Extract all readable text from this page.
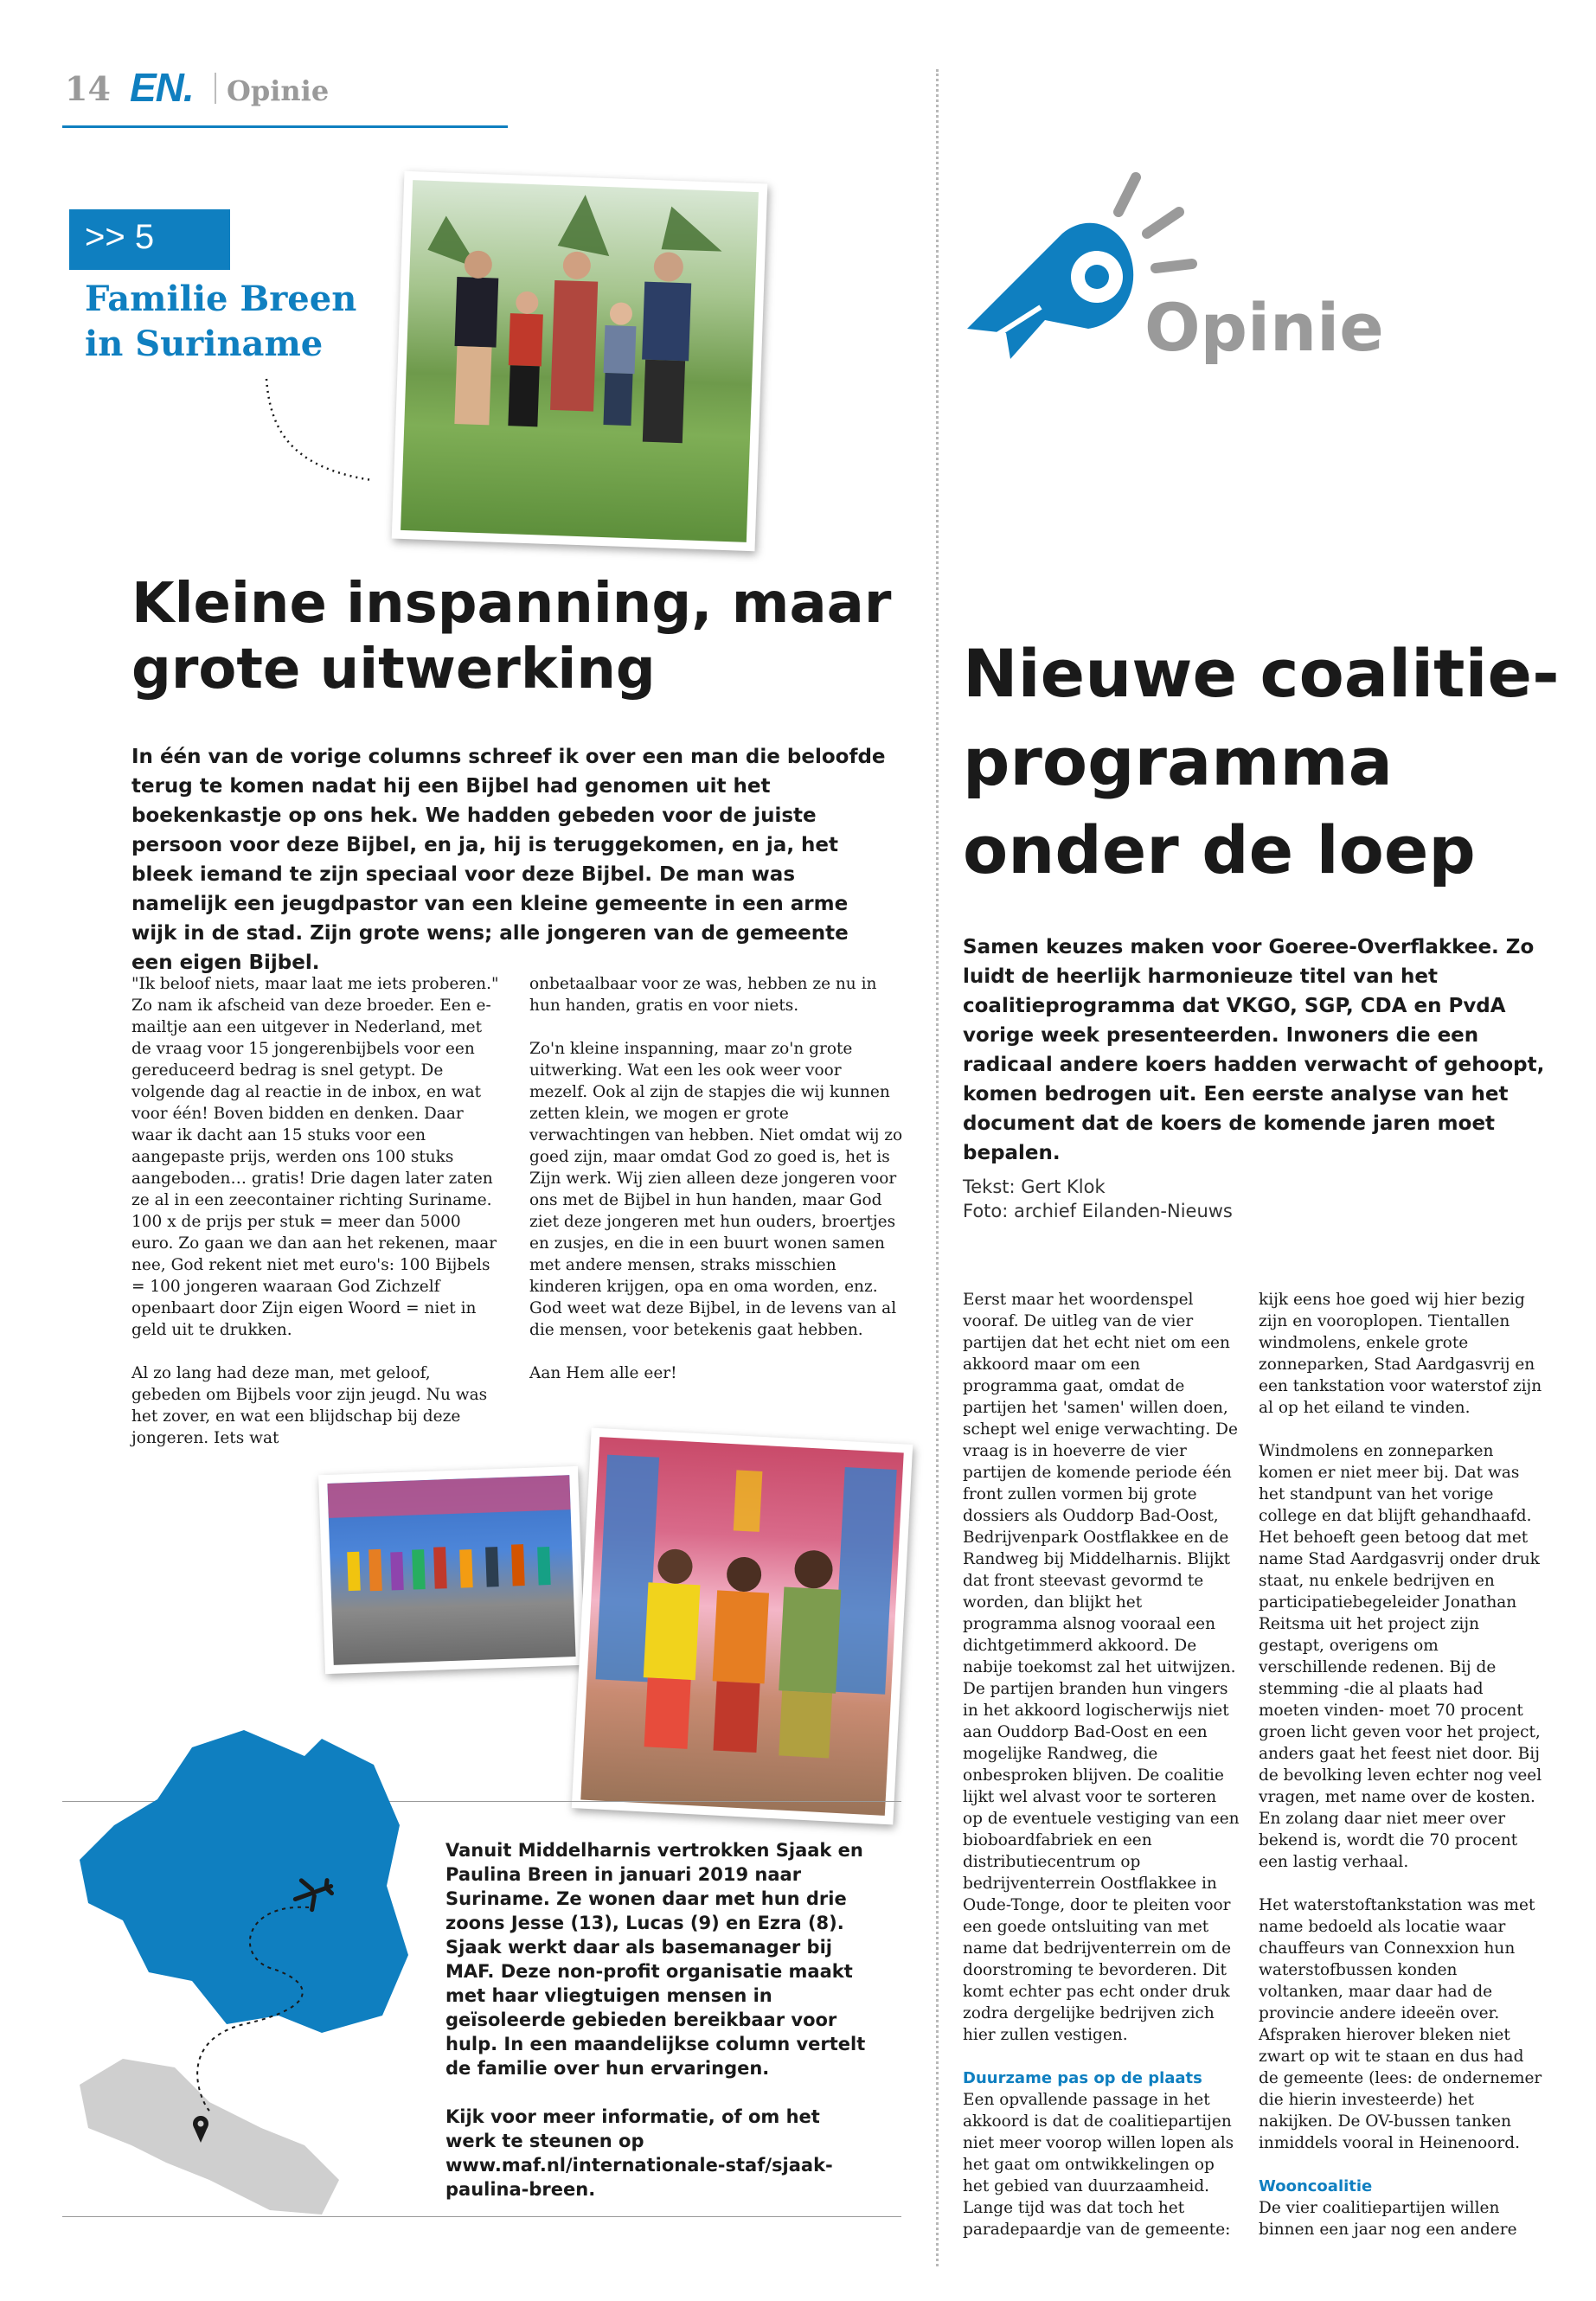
14 EN. Opinie
>> 5
Familie Breen in Suriname
Kleine inspanning, maar grote uitwerking
In één van de vorige columns schreef ik over een man die beloofde terug te komen nadat hij een Bijbel had genomen uit het boekenkastje op ons hek. We hadden gebeden voor de juiste persoon voor deze Bijbel, en ja, hij is teruggekomen, en ja, het bleek iemand te zijn speciaal voor deze Bijbel. De man was namelijk een jeugdpastor van een kleine gemeente in een arme wijk in de stad. Zijn grote wens; alle jongeren van de gemeente een eigen Bijbel.

"Ik beloof niets, maar laat me iets proberen." Zo nam ik afscheid van deze broeder. Een e-mailtje aan een uitgever in Nederland, met de vraag voor 15 jongerenbijbels voor een gereduceerd bedrag is snel getypt. De volgende dag al reactie in de inbox, en wat voor één! Boven bidden en denken. Daar waar ik dacht aan 15 stuks voor een aangepaste prijs, werden ons 100 stuks aangeboden… gratis! Drie dagen later zaten ze al in een zeecontainer richting Suriname. 100 x de prijs per stuk = meer dan 5000 euro. Zo gaan we dan aan het rekenen, maar nee, God rekent niet met euro's: 100 Bijbels = 100 jongeren waaraan God Zichzelf openbaart door Zijn eigen Woord = niet in geld uit te drukken.

Al zo lang had deze man, met geloof, gebeden om Bijbels voor zijn jeugd. Nu was het zover, en wat een blijdschap bij deze jongeren. Iets wat

onbetaalbaar voor ze was, hebben ze nu in hun handen, gratis en voor niets.

Zo'n kleine inspanning, maar zo'n grote uitwerking. Wat een les ook weer voor mezelf. Ook al zijn de stapjes die wij kunnen zetten klein, we mogen er grote verwachtingen van hebben. Niet omdat wij zo goed zijn, maar omdat God zo goed is, het is Zijn werk. Wij zien alleen deze jongeren voor ons met de Bijbel in hun handen, maar God ziet deze jongeren met hun ouders, broertjes en zusjes, en die in een buurt wonen samen met andere mensen, straks misschien kinderen krijgen, opa en oma worden, enz. God weet wat deze Bijbel, in de levens van al die mensen, voor betekenis gaat hebben.

Aan Hem alle eer!

Vanuit Middelharnis vertrokken Sjaak en Paulina Breen in januari 2019 naar Suriname. Ze wonen daar met hun drie zoons Jesse (13), Lucas (9) en Ezra (8). Sjaak werkt daar als basemanager bij MAF. Deze non-profit organisatie maakt met haar vliegtuigen mensen in geïsoleerde gebieden bereikbaar voor hulp. In een maandelijkse column vertelt de familie over hun ervaringen.

Kijk voor meer informatie, of om het werk te steunen op www.maf.nl/internationale-staf/sjaak-paulina-breen.

Opinie
Nieuwe coalitie-programma onder de loep
Samen keuzes maken voor Goeree-Overflakkee. Zo luidt de heerlijk harmonieuze titel van het coalitieprogramma dat VKGO, SGP, CDA en PvdA vorige week presenteerden. Inwoners die een radicaal andere koers hadden verwacht of gehoopt, komen bedrogen uit. Een eerste analyse van het document dat de koers de komende jaren moet bepalen.
Tekst: Gert Klok
Foto: archief Eilanden-Nieuws

Eerst maar het woordenspel vooraf. De uitleg van de vier partijen dat het echt niet om een akkoord maar om een programma gaat, omdat de partijen het 'samen' willen doen, schept wel enige verwachting. De vraag is in hoeverre de vier partijen de komende periode één front zullen vormen bij grote dossiers als Ouddorp Bad-Oost, Bedrijvenpark Oostflakkee en de Randweg bij Middelharnis. Blijkt dat front steevast gevormd te worden, dan blijkt het programma alsnog vooraal een dichtgetimmerd akkoord. De nabije toekomst zal het uitwijzen. De partijen branden hun vingers in het akkoord logischerwijs niet aan Ouddorp Bad-Oost en een mogelijke Randweg, die onbesproken blijven. De coalitie lijkt wel alvast voor te sorteren op de eventuele vestiging van een bioboardfabriek en een distributiecentrum op bedrijventerrein Oostflakkee in Oude-Tonge, door te pleiten voor een goede ontsluiting van met name dat bedrijventerrein om de doorstroming te bevorderen. Dit komt echter pas echt onder druk zodra dergelijke bedrijven zich hier zullen vestigen.

Duurzame pas op de plaats

Een opvallende passage in het akkoord is dat de coalitiepartijen niet meer voorop willen lopen als het gaat om ontwikkelingen op het gebied van duurzaamheid. Lange tijd was dat toch het paradepaardje van de gemeente:

kijk eens hoe goed wij hier bezig zijn en vooroplopen. Tientallen windmolens, enkele grote zonneparken, Stad Aardgasvrij en een tankstation voor waterstof zijn al op het eiland te vinden.

Windmolens en zonneparken komen er niet meer bij. Dat was het standpunt van het vorige college en dat blijft gehandhaafd. Het behoeft geen betoog dat met name Stad Aardgasvrij onder druk staat, nu enkele bedrijven en participatiebegeleider Jonathan Reitsma uit het project zijn gestapt, overigens om verschillende redenen. Bij de stemming -die al plaats had moeten vinden- moet 70 procent groen licht geven voor het project, anders gaat het feest niet door. Bij de bevolking leven echter nog veel vragen, met name over de kosten. En zolang daar niet meer over bekend is, wordt die 70 procent een lastig verhaal.

Het waterstoftankstation was met name bedoeld als locatie waar chauffeurs van Connexxion hun waterstofbussen konden voltanken, maar daar had de provincie andere ideeën over. Afspraken hierover bleken niet zwart op wit te staan en dus had de gemeente (lees: de ondernemer die hierin investeerde) het nakijken. De OV-bussen tanken inmiddels vooral in Heinenoord.

Wooncoalitie

De vier coalitiepartijen willen binnen een jaar nog een andere
